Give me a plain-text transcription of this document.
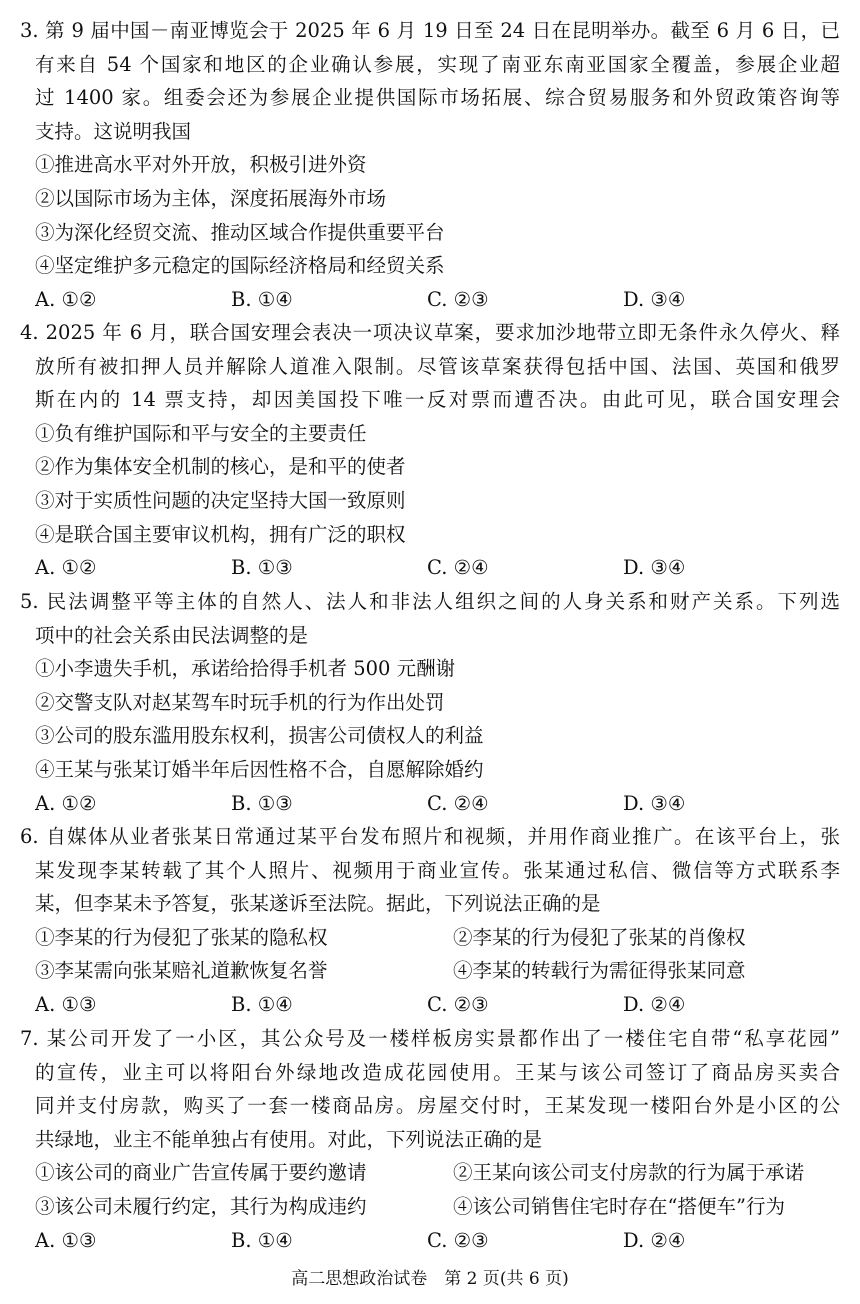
3. 第 9 届中国－南亚博览会于 2025 年 6 月 19 日至 24 日在昆明举办。截至 6 月 6 日，已
有来自 54 个国家和地区的企业确认参展，实现了南亚东南亚国家全覆盖，参展企业超
过 1400 家。组委会还为参展企业提供国际市场拓展、综合贸易服务和外贸政策咨询等
支持。这说明我国
①推进高水平对外开放，积极引进外资
②以国际市场为主体，深度拓展海外市场
③为深化经贸交流、推动区域合作提供重要平台
④坚定维护多元稳定的国际经济格局和经贸关系
A. ①②	B. ①④	C. ②③	D. ③④
4. 2025 年 6 月，联合国安理会表决一项决议草案，要求加沙地带立即无条件永久停火、释
放所有被扣押人员并解除人道准入限制。尽管该草案获得包括中国、法国、英国和俄罗
斯在内的 14 票支持，却因美国投下唯一反对票而遭否决。由此可见，联合国安理会
①负有维护国际和平与安全的主要责任
②作为集体安全机制的核心，是和平的使者
③对于实质性问题的决定坚持大国一致原则
④是联合国主要审议机构，拥有广泛的职权
A. ①②	B. ①③	C. ②④	D. ③④
5. 民法调整平等主体的自然人、法人和非法人组织之间的人身关系和财产关系。下列选
项中的社会关系由民法调整的是
①小李遗失手机，承诺给拾得手机者 500 元酬谢
②交警支队对赵某驾车时玩手机的行为作出处罚
③公司的股东滥用股东权利，损害公司债权人的利益
④王某与张某订婚半年后因性格不合，自愿解除婚约
A. ①②	B. ①③	C. ②④	D. ③④
6. 自媒体从业者张某日常通过某平台发布照片和视频，并用作商业推广。在该平台上，张
某发现李某转载了其个人照片、视频用于商业宣传。张某通过私信、微信等方式联系李
某，但李某未予答复，张某遂诉至法院。据此，下列说法正确的是
①李某的行为侵犯了张某的隐私权	②李某的行为侵犯了张某的肖像权
③李某需向张某赔礼道歉恢复名誉	④李某的转载行为需征得张某同意
A. ①③	B. ①④	C. ②③	D. ②④
7. 某公司开发了一小区，其公众号及一楼样板房实景都作出了一楼住宅自带“私享花园”
的宣传，业主可以将阳台外绿地改造成花园使用。王某与该公司签订了商品房买卖合
同并支付房款，购买了一套一楼商品房。房屋交付时，王某发现一楼阳台外是小区的公
共绿地，业主不能单独占有使用。对此，下列说法正确的是
①该公司的商业广告宣传属于要约邀请	②王某向该公司支付房款的行为属于承诺
③该公司未履行约定，其行为构成违约	④该公司销售住宅时存在“搭便车”行为
A. ①③	B. ①④	C. ②③	D. ②④
高二思想政治试卷　第 2 页(共 6 页)
